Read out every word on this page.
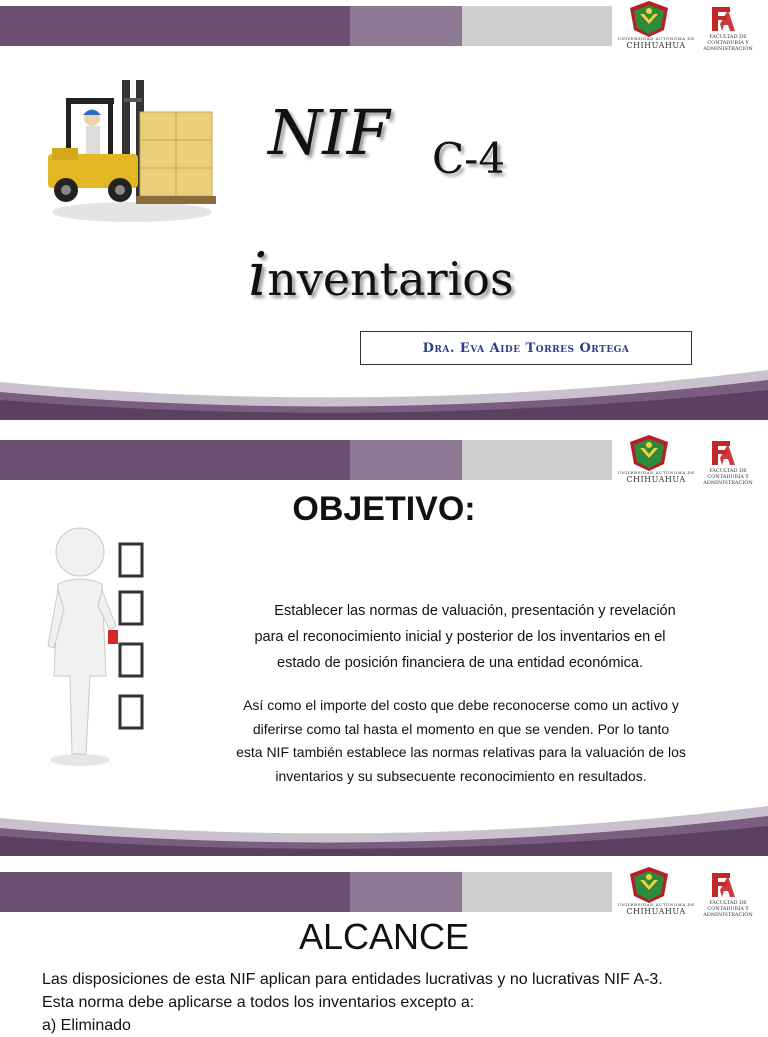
UNIVERSIDAD AUTÓNOMA DE
CHIHUAHUA
FACULTAD DE CONTADURÍA Y ADMINISTRACIÓN
NIF C-4
inventarios
Dra. Eva Aide Torres Ortega
UNIVERSIDAD AUTÓNOMA DE
CHIHUAHUA
FACULTAD DE CONTADURÍA Y ADMINISTRACIÓN
OBJETIVO:
Establecer las normas de valuación, presentación y revelación
para el reconocimiento inicial y posterior de los inventarios en el
estado de posición financiera de una entidad económica.
Así como el importe del costo que debe reconocerse como un activo y
diferirse como tal hasta el momento en que se venden. Por lo tanto
esta NIF también establece las normas relativas para la valuación de los
inventarios y su subsecuente reconocimiento en resultados.
UNIVERSIDAD AUTÓNOMA DE
CHIHUAHUA
FACULTAD DE CONTADURÍA Y ADMINISTRACIÓN
ALCANCE
Las disposiciones de esta NIF aplican para entidades lucrativas y no lucrativas NIF A-3.
Esta norma debe aplicarse a todos los inventarios excepto a:
a) Eliminado
